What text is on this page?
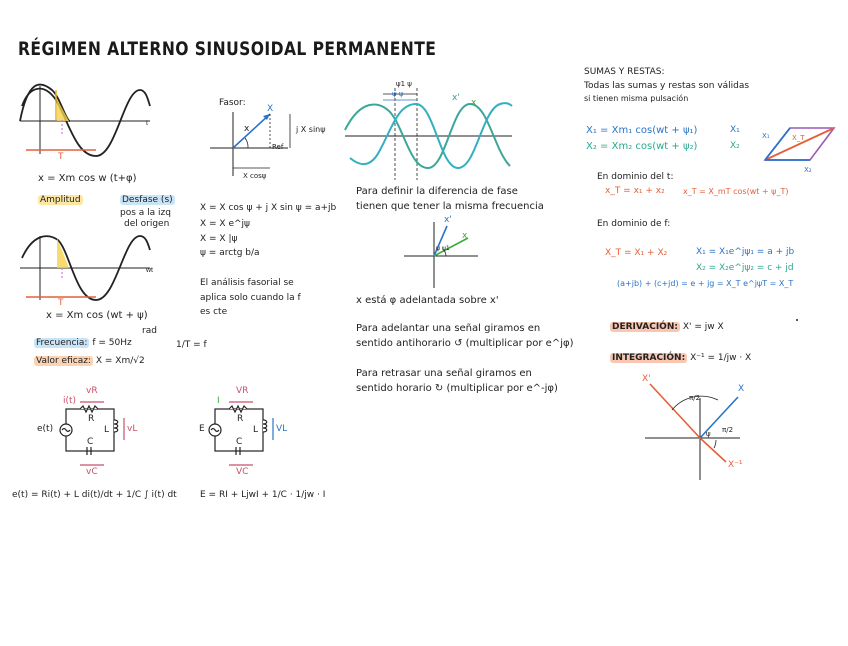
RÉGIMEN ALTERNO SINUSOIDAL PERMANENTE
t
wt
x = Xm cos w (t+φ)
Amplitud	Desfase (s)
pos a la izq
del origen
T
T
x = Xm cos (wt + ψ)
rad
Frecuencia: f = 50Hz	1/T = f
Valor eficaz: X = Xm/√2
e(t)
i(t)
R
L
C
vR
vL
vC
e(t) = Ri(t) + L di(t)/dt + 1/C ∫ i(t) dt
E
I
R
L
C
VR
VL
VC
E = RI + LjwI + 1/C · 1/jw · I
Fasor:
x
X
Ref
j X sinψ
X cosψ
X = X cos ψ + j X sin ψ = a+jb
X = X e^jψ
X = X |ψ
ψ = arctg b/a
El análisis fasorial se
aplica solo cuando la f
es cte
ψ1 ψ
ψ ψ	x' x
Para definir la diferencia de fase
tienen que tener la misma frecuencia
x'
x
ψ ψ1
x está φ adelantada sobre x'
Para adelantar una señal giramos en
sentido antihorario ↺ (multiplicar por e^jφ)
Para retrasar una señal giramos en
sentido horario ↻ (multiplicar por e^-jφ)
SUMAS Y RESTAS:
Todas las sumas y restas son válidas
si tienen misma pulsación
X₁ = Xm₁ cos(wt + ψ₁)
X₂ = Xm₂ cos(wt + ψ₂)
X₁
X₂
X₁
X₂
X_T
En dominio del t:
x_T = x₁ + x₂ x_T = X_mT cos(wt + ψ_T)
En dominio de f:
X_T = X₁ + X₂	X₁ = X₁e^jψ₁ = a + jb
X₂ = X₂e^jψ₂ = c + jd
(a+jb) + (c+jd) = e + jg = X_T e^jψT = X_T
DERIVACIÓN: X' = jw X
INTEGRACIÓN: X⁻¹ = 1/jw · X
X'
X
X⁻¹
π/2
π/2
ψ
